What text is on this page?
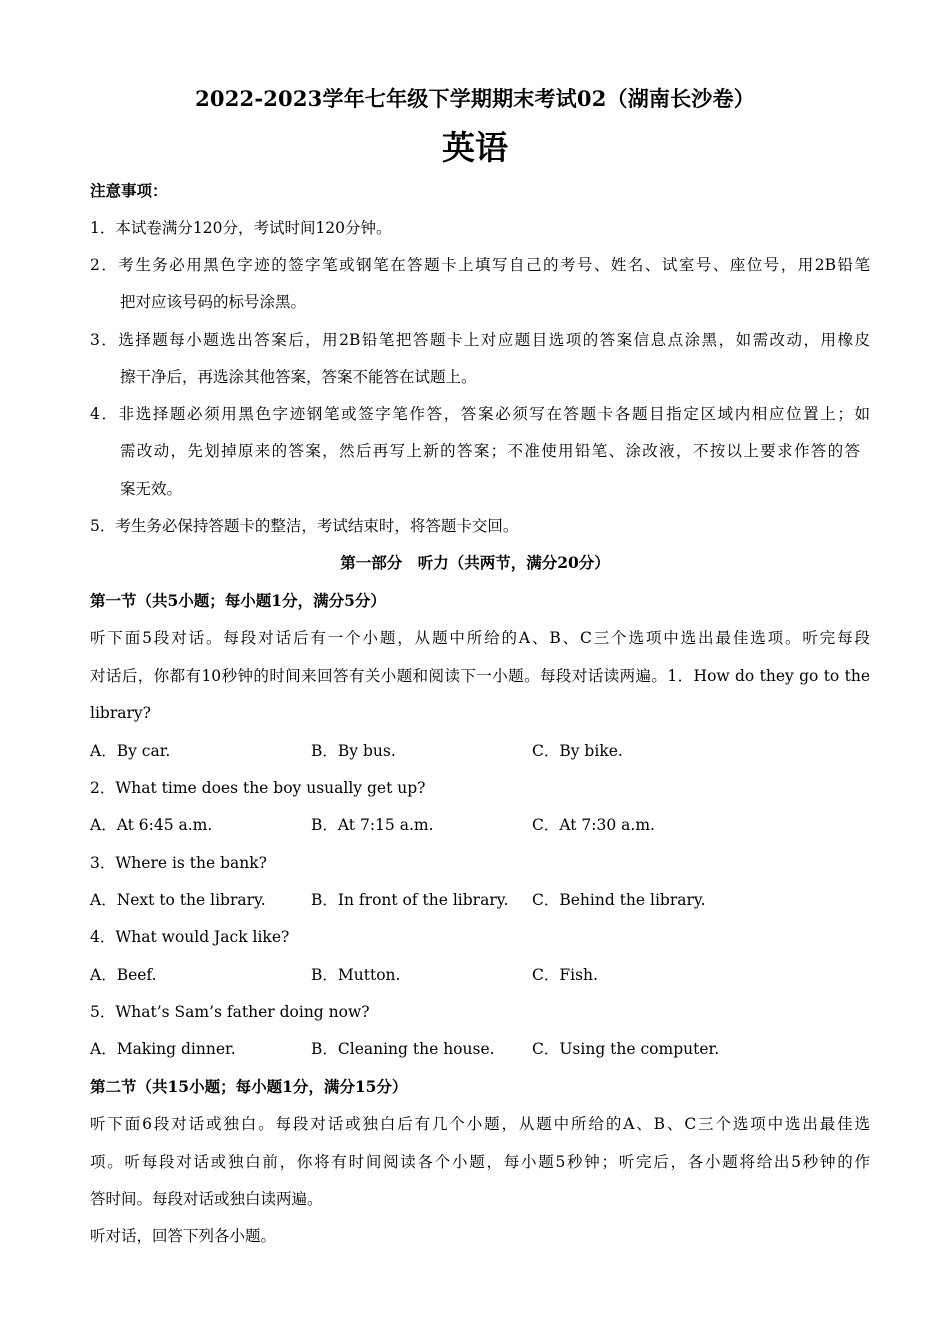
2022-2023学年七年级下学期期末考试02（湖南长沙卷）
英语
注意事项：
1．本试卷满分120分，考试时间120分钟。
2．考生务必用黑色字迹的签字笔或钢笔在答题卡上填写自己的考号、姓名、试室号、座位号，用2B铅笔
把对应该号码的标号涂黑。
3．选择题每小题选出答案后，用2B铅笔把答题卡上对应题目选项的答案信息点涂黑，如需改动，用橡皮
擦干净后，再选涂其他答案，答案不能答在试题上。
4．非选择题必须用黑色字迹钢笔或签字笔作答，答案必须写在答题卡各题目指定区域内相应位置上；如
需改动，先划掉原来的答案，然后再写上新的答案；不准使用铅笔、涂改液，不按以上要求作答的答
案无效。
5．考生务必保持答题卡的整洁，考试结束时，将答题卡交回。
第一部分　听力（共两节，满分20分）
第一节（共5小题；每小题1分，满分5分）
听下面5段对话。每段对话后有一个小题，从题中所给的A、B、C三个选项中选出最佳选项。听完每段
对话后，你都有10秒钟的时间来回答有关小题和阅读下一小题。每段对话读两遍。1．How do they go to the
library?
A．By car.	B．By bus.	C．By bike.
2．What time does the boy usually get up?
A．At 6:45 a.m.	B．At 7:15 a.m.	C．At 7:30 a.m.
3．Where is the bank?
A．Next to the library.	B．In front of the library. C．Behind the library.
4．What would Jack like?
A．Beef.	B．Mutton.	C．Fish.
5．What’s Sam’s father doing now?
A．Making dinner.	B．Cleaning the house. C．Using the computer.
第二节（共15小题；每小题1分，满分15分）
听下面6段对话或独白。每段对话或独白后有几个小题，从题中所给的A、B、C三个选项中选出最佳选
项。听每段对话或独白前，你将有时间阅读各个小题，每小题5秒钟；听完后，各小题将给出5秒钟的作
答时间。每段对话或独白读两遍。
听对话，回答下列各小题。
